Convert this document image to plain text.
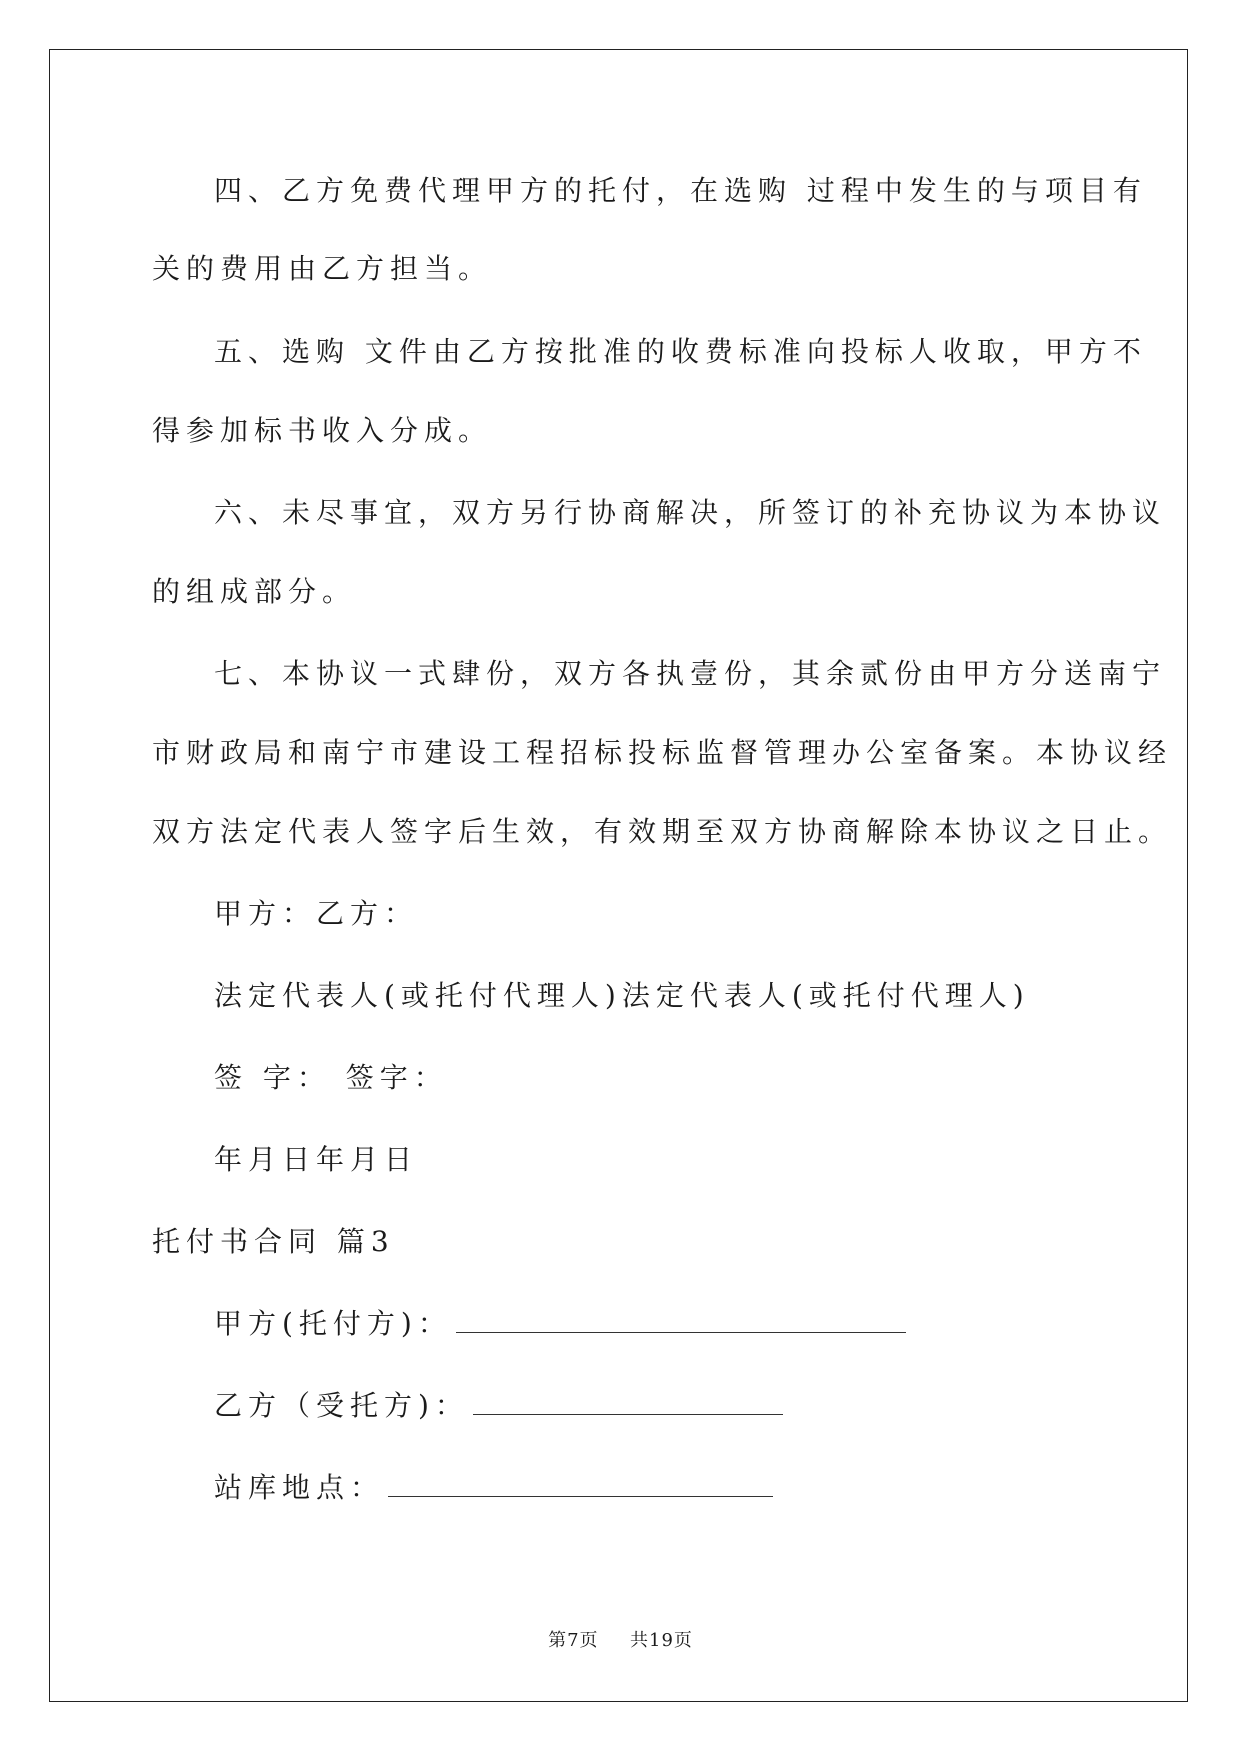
四、乙方免费代理甲方的托付，在选购 过程中发生的与项目有
关的费用由乙方担当。
五、选购 文件由乙方按批准的收费标准向投标人收取，甲方不
得参加标书收入分成。
六、未尽事宜，双方另行协商解决，所签订的补充协议为本协议
的组成部分。
七、本协议一式肆份，双方各执壹份，其余贰份由甲方分送南宁
市财政局和南宁市建设工程招标投标监督管理办公室备案。本协议经
双方法定代表人签字后生效，有效期至双方协商解除本协议之日止。
甲方：乙方：
法定代表人(或托付代理人)法定代表人(或托付代理人)
签 字： 签字：
年月日年月日
托付书合同 篇3
甲方(托付方)：
乙方（受托方)：
站库地点：
第7页 共19页
